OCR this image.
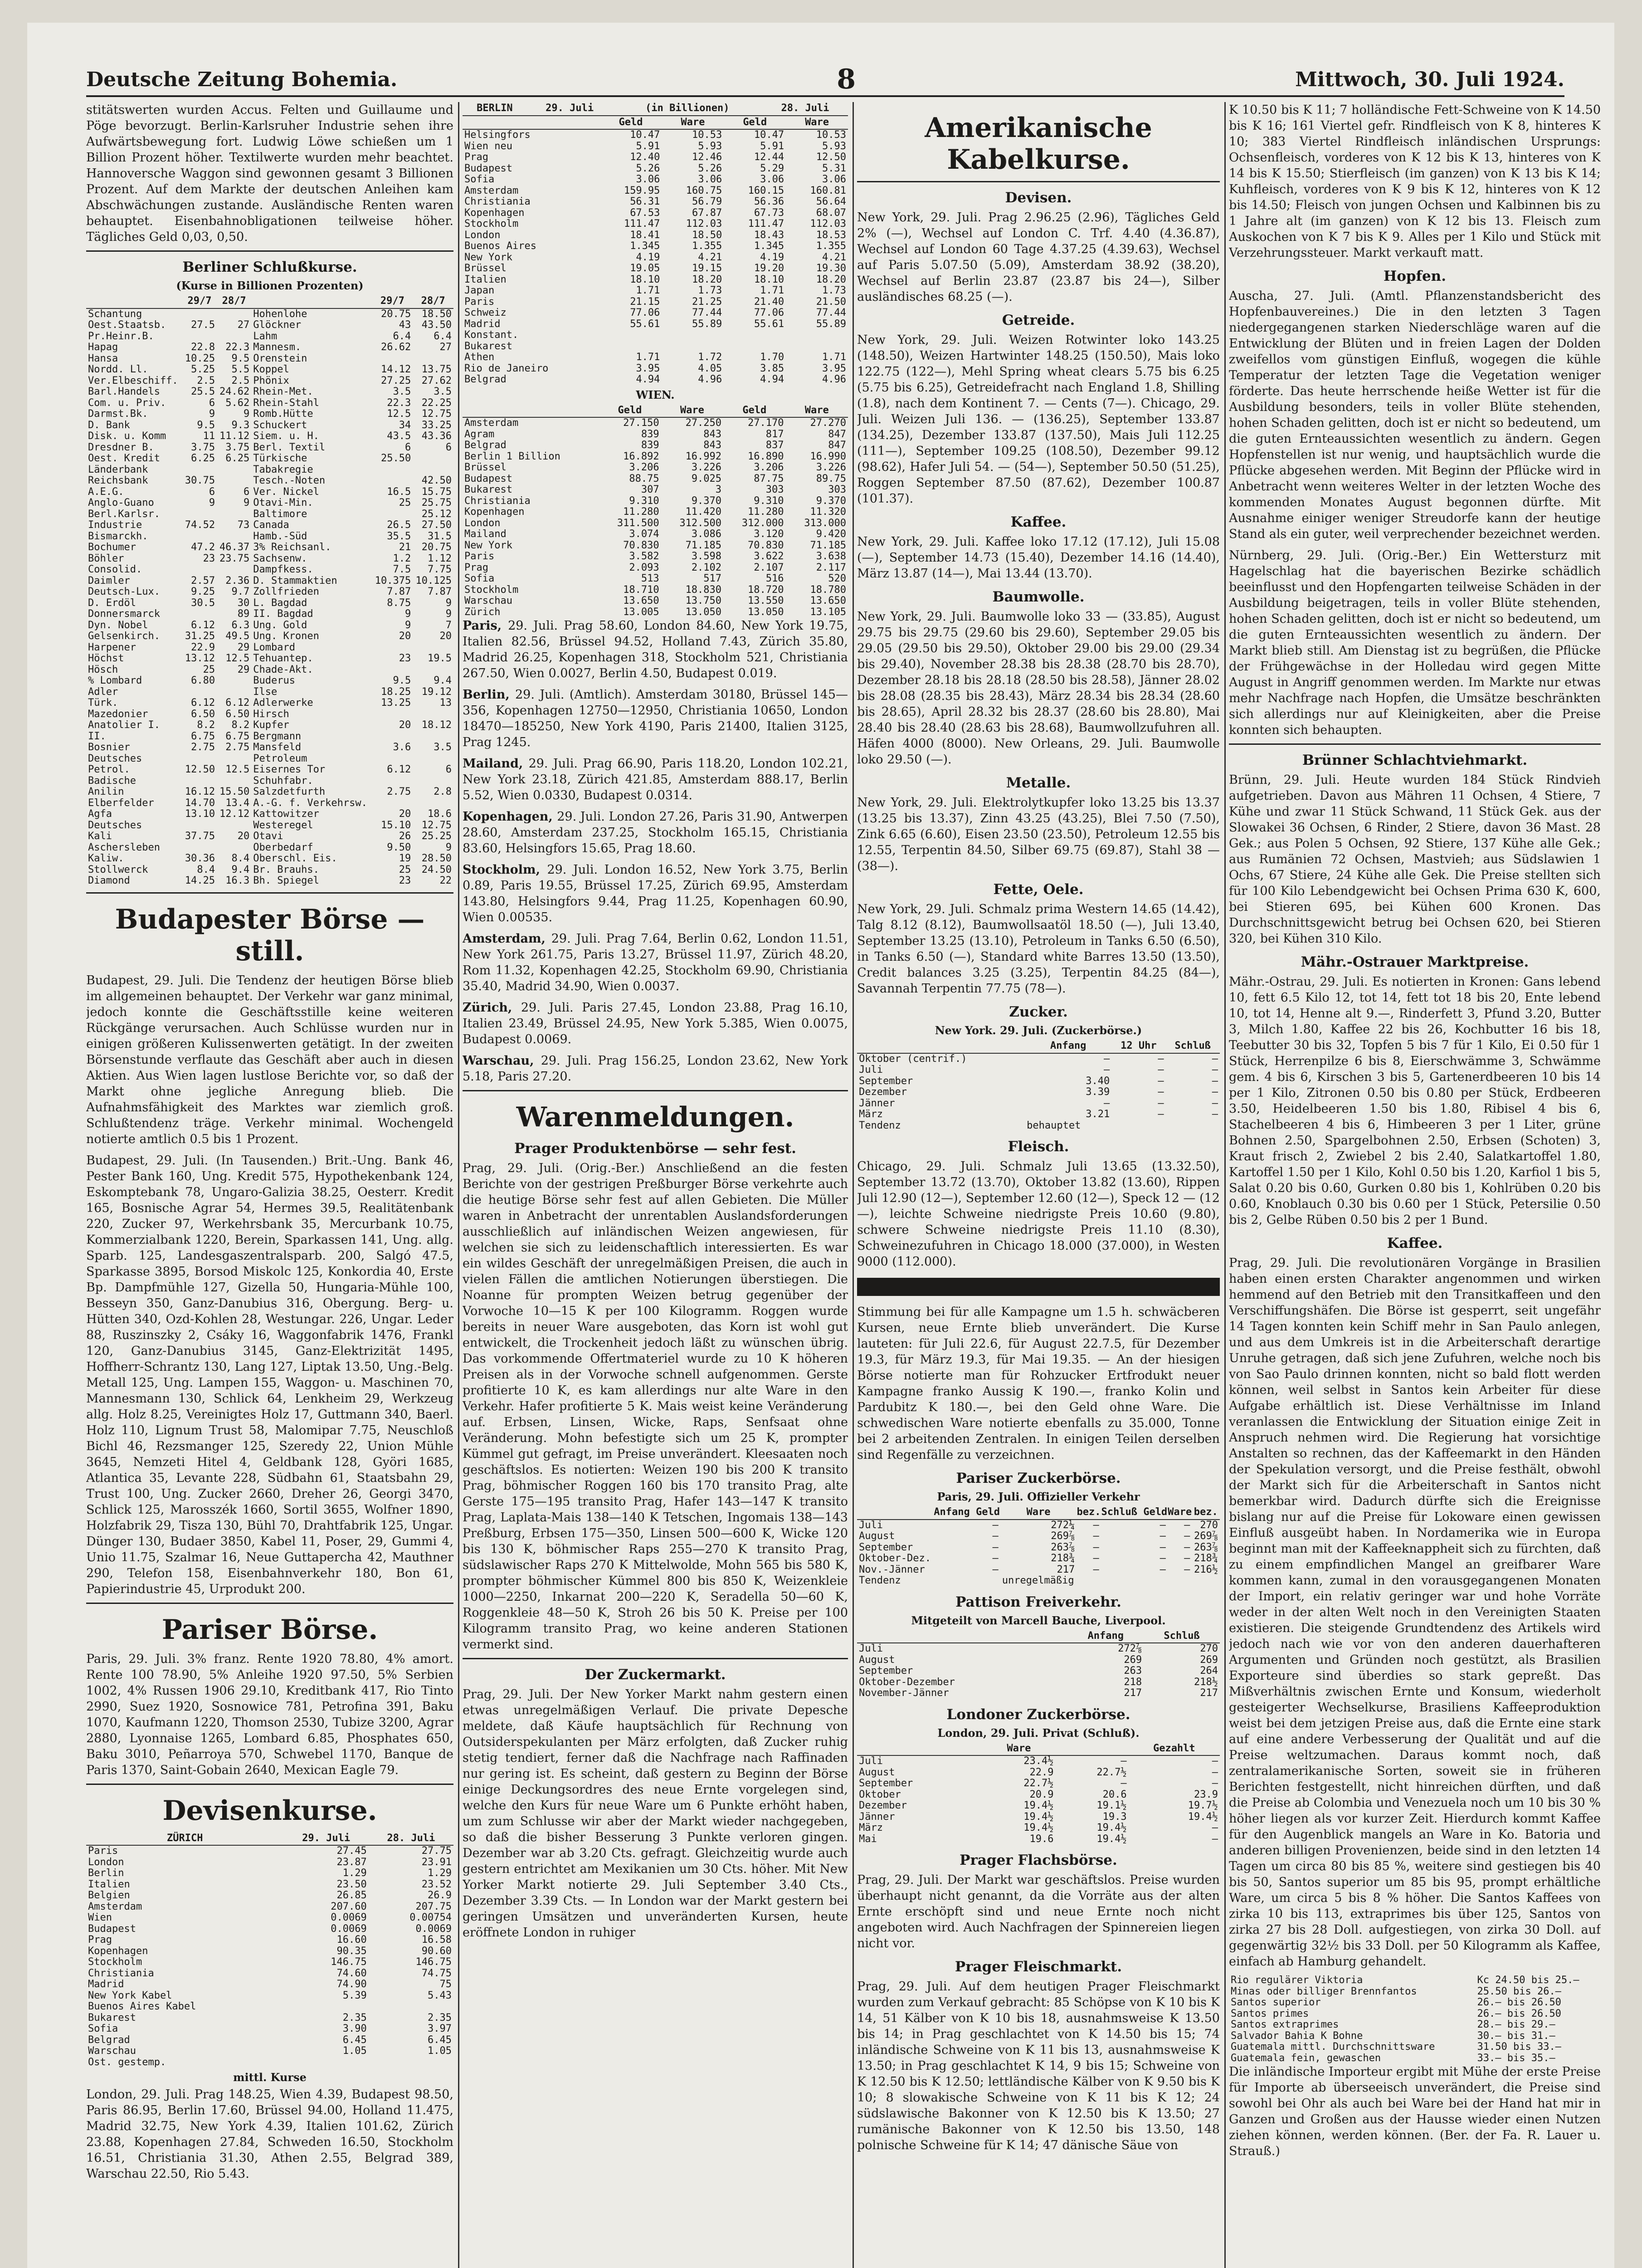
Deutsche Zeitung Bohemia.	8	Mittwoch, 30. Juli 1924.

stitätswerten wurden Accus. Felten und Guillaume und Pöge bevorzugt. Berlin-Karlsruher Industrie sehen ihre Aufwärtsbewegung fort. Ludwig Löwe schießen um 1 Billion Prozent höher. Textilwerte wurden mehr beachtet. Hannoversche Waggon sind gewonnen gesamt 3 Billionen Prozent. Auf dem Markte der deutschen Anleihen kam Abschwächungen zustande. Ausländische Renten waren behauptet. Eisenbahnobligationen teilweise höher. Tägliches Geld 0,03, 0,50.

Berliner Schlußkurse.
(Kurse in Billionen Prozenten)
	29/7	28/7		29/7	28/7
Schantung			Hohenlohe	20.75	18.50
Oest.Staatsb.	27.5	27	Glöckner	43	43.50
Pr.Heinr.B.			Lahm	6.4	6.4
Hapag	22.8	22.3	Mannesm.	26.62	27
Hansa	10.25	9.5	Orenstein		
Nordd. Ll.	5.25	5.5	Koppel	14.12	13.75
Ver.Elbeschiff.	2.5	2.5	Phönix	27.25	27.62
Barl.Handels	25.5	24.62	Rhein-Met.	3.5	3.5
Com. u. Priv.	6	5.62	Rhein-Stahl	22.3	22.25
Darmst.Bk.	9	9	Romb.Hütte	12.5	12.75
D. Bank	9.5	9.3	Schuckert	34	33.25
Disk. u. Komm	11	11.12	Siem. u. H.	43.5	43.36
Dresdner B.	3.75	3.75	Berl. Textil	6	6
Oest. Kredit	6.25	6.25	Türkische	25.50	
Länderbank			Tabakregie		
Reichsbank	30.75		Tesch.-Noten		42.50
A.E.G.	6	6	Ver. Nickel	16.5	15.75
Anglo-Guano	9	9	Otavi-Min.	25	25.75
Berl.Karlsr.			Baltimore		25.12
Industrie	74.52	73	Canada	26.5	27.50
Bismarckh.			Hamb.-Süd	35.5	31.5
Bochumer	47.2	46.37	3% Reichsanl.	21	20.75
Böhler	23	23.75	Sachsenw.	1.2	1.12
Consolid.			Dampfkess.	7.5	7.75
Daimler	2.57	2.36	D. Stammaktien	10.375	10.125
Deutsch-Lux.	9.25	9.7	Zollfrieden	7.87	7.87
D. Erdöl	30.5	30	L. Bagdad	8.75	9
Donnersmarck		89	II. Bagdad	9	9
Dyn. Nobel	6.12	6.3	Ung. Gold	9	7
Gelsenkirch.	31.25	49.5	Ung. Kronen	20	20
Harpener	22.9	29	Lombard		
Höchst	13.12	12.5	Tehuantep.	23	19.5
Hösch	25	29	Chade-Akt.		
% Lombard	6.80		Buderus	9.5	9.4
Adler			Ilse	18.25	19.12
Türk.	6.12	6.12	Adlerwerke	13.25	13
Mazedonier	6.50	6.50	Hirsch		
Anatolier I.	8.2	8.2	Kupfer	20	18.12
II.	6.75	6.75	Bergmann		
Bosnier	2.75	2.75	Mansfeld	3.6	3.5
Deutsches			Petroleum		
Petrol.	12.50	12.5	Eisernes Tor	6.12	6
Badische			Schuhfabr.		
Anilin	16.12	15.50	Salzdetfurth	2.75	2.8
Elberfelder	14.70	13.4	A.-G. f. Verkehrsw.		
Agfa	13.10	12.12	Kattowitzer	20	18.6
Deutsches			Westeregel	15.10	12.75
Kali	37.75	20	Otavi	26	25.25
Aschersleben			Oberbedarf	9.50	9
Kaliw.	30.36	8.4	Oberschl. Eis.	19	28.50
Stollwerck	8.4	9.4	Br. Brauhs.	25	24.50
Diamond	14.25	16.3	Bh. Spiegel	23	22
Budapester Börse — still.

Budapest, 29. Juli. Die Tendenz der heutigen Börse blieb im allgemeinen behauptet. Der Verkehr war ganz minimal, jedoch konnte die Geschäftsstille keine weiteren Rückgänge verursachen. Auch Schlüsse wurden nur in einigen größeren Kulissenwerten getätigt. In der zweiten Börsenstunde verflaute das Geschäft aber auch in diesen Aktien. Aus Wien lagen lustlose Berichte vor, so daß der Markt ohne jegliche Anregung blieb. Die Aufnahmsfähigkeit des Marktes war ziemlich groß. Schlußtendenz träge. Verkehr minimal. Wochengeld notierte amtlich 0.5 bis 1 Prozent.

Budapest, 29. Juli. (In Tausenden.) Brit.-Ung. Bank 46, Pester Bank 160, Ung. Kredit 575, Hypothekenbank 124, Eskomptebank 78, Ungaro-Galizia 38.25, Oesterr. Kredit 165, Bosnische Agrar 54, Hermes 39.5, Realitätenbank 220, Zucker 97, Werkehrsbank 35, Mercurbank 10.75, Kommerzialbank 1220, Berein, Sparkassen 141, Ung. allg. Sparb. 125, Landesgaszentralsparb. 200, Salgó 47.5, Sparkasse 3895, Borsod Miskolc 125, Konkordia 40, Erste Bp. Dampfmühle 127, Gizella 50, Hungaria-Mühle 100, Besseyn 350, Ganz-Danubius 316, Obergung. Berg- u. Hütten 340, Ozd-Kohlen 28, Westungar. 226, Ungar. Leder 88, Ruszinszky 2, Csáky 16, Waggonfabrik 1476, Frankl 120, Ganz-Danubius 3145, Ganz-Elektrizität 1495, Hoffherr-Schrantz 130, Lang 127, Liptak 13.50, Ung.-Belg. Metall 125, Ung. Lampen 155, Waggon- u. Maschinen 70, Mannesmann 130, Schlick 64, Lenkheim 29, Werkzeug allg. Holz 8.25, Vereinigtes Holz 17, Guttmann 340, Baerl. Holz 110, Lignum Trust 58, Malomipar 7.75, Neuschloß Bichl 46, Rezsmanger 125, Szeredy 22, Union Mühle 3645, Nemzeti Hitel 4, Geldbank 128, Györi 1685, Atlantica 35, Levante 228, Südbahn 61, Staatsbahn 29, Trust 100, Ung. Zucker 2660, Dreher 26, Georgi 3470, Schlick 125, Marosszék 1660, Sortil 3655, Wolfner 1890, Holzfabrik 29, Tisza 130, Bühl 70, Drahtfabrik 125, Ungar. Dünger 130, Budaer 3850, Kabel 11, Poser, 29, Gummi 4, Unio 11.75, Szalmar 16, Neue Guttapercha 42, Mauthner 290, Telefon 158, Eisenbahnverkehr 180, Bon 61, Papierindustrie 45, Urprodukt 200.

Pariser Börse.

Paris, 29. Juli. 3% franz. Rente 1920 78.80, 4% amort. Rente 100 78.90, 5% Anleihe 1920 97.50, 5% Serbien 1002, 4% Russen 1906 29.10, Kreditbank 417, Rio Tinto 2990, Suez 1920, Sosnowice 781, Petrofina 391, Baku 1070, Kaufmann 1220, Thomson 2530, Tubize 3200, Agrar 2880, Lyonnaise 1265, Lombard 6.85, Phosphates 650, Baku 3010, Peñarroya 570, Schwebel 1170, Banque de Paris 1370, Saint-Gobain 2640, Mexican Eagle 79.

Devisenkurse.
ZÜRICH	29. Juli	28. Juli
Paris	27.45	27.75
London	23.87	23.91
Berlin	1.29	1.29
Italien	23.50	23.52
Belgien	26.85	26.9
Amsterdam	207.60	207.75
Wien	0.0069	0.00754
Budapest	0.0069	0.0069
Prag	16.60	16.58
Kopenhagen	90.35	90.60
Stockholm	146.75	146.75
Christiania	74.60	74.75
Madrid	74.90	75
New York Kabel	5.39	5.43
Buenos Aires Kabel		
Bukarest	2.35	2.35
Sofia	3.90	3.97
Belgrad	6.45	6.45
Warschau	1.05	1.05
Ost. gestemp.		
mittl. Kurse

London, 29. Juli. Prag 148.25, Wien 4.39, Budapest 98.50, Paris 86.95, Berlin 17.60, Brüssel 94.00, Holland 11.475, Madrid 32.75, New York 4.39, Italien 101.62, Zürich 23.88, Kopenhagen 27.84, Schweden 16.50, Stockholm 16.51, Christiania 31.30, Athen 2.55, Belgrad 389, Warschau 22.50, Rio 5.43.

BERLIN	29. Juli	(in Billionen)	28. Juli
	Geld	Ware	Geld	Ware
Helsingfors	10.47	10.53	10.47	10.53
Wien neu	5.91	5.93	5.91	5.93
Prag	12.40	12.46	12.44	12.50
Budapest	5.26	5.26	5.29	5.31
Sofia	3.06	3.06	3.06	3.06
Amsterdam	159.95	160.75	160.15	160.81
Christiania	56.31	56.79	56.36	56.64
Kopenhagen	67.53	67.87	67.73	68.07
Stockholm	111.47	112.03	111.47	112.03
London	18.41	18.50	18.43	18.53
Buenos Aires	1.345	1.355	1.345	1.355
New York	4.19	4.21	4.19	4.21
Brüssel	19.05	19.15	19.20	19.30
Italien	18.10	18.20	18.10	18.20
Japan	1.71	1.73	1.71	1.73
Paris	21.15	21.25	21.40	21.50
Schweiz	77.06	77.44	77.06	77.44
Madrid	55.61	55.89	55.61	55.89
Konstant.				
Bukarest				
Athen	1.71	1.72	1.70	1.71
Rio de Janeiro	3.95	4.05	3.85	3.95
Belgrad	4.94	4.96	4.94	4.96
WIEN.
	Geld	Ware	Geld	Ware
Amsterdam	27.150	27.250	27.170	27.270
Agram	839	843	817	847
Belgrad	839	843	837	847
Berlin 1 Billion	16.892	16.992	16.890	16.990
Brüssel	3.206	3.226	3.206	3.226
Budapest	88.75	9.025	87.75	89.75
Bukarest	307	3	303	303
Christiania	9.310	9.370	9.310	9.370
Kopenhagen	11.280	11.420	11.280	11.320
London	311.500	312.500	312.000	313.000
Mailand	3.074	3.086	3.120	9.420
New York	70.830	71.185	70.830	71.185
Paris	3.582	3.598	3.622	3.638
Prag	2.093	2.102	2.107	2.117
Sofia	513	517	516	520
Stockholm	18.710	18.830	18.720	18.780
Warschau	13.650	13.750	13.550	13.650
Zürich	13.005	13.050	13.050	13.105

Paris, 29. Juli. Prag 58.60, London 84.60, New York 19.75, Italien 82.56, Brüssel 94.52, Holland 7.43, Zürich 35.80, Madrid 26.25, Kopenhagen 318, Stockholm 521, Christiania 267.50, Wien 0.0027, Berlin 4.50, Budapest 0.019.

Berlin, 29. Juli. (Amtlich). Amsterdam 30180, Brüssel 145—356, Kopenhagen 12750—12950, Christiania 10650, London 18470—185250, New York 4190, Paris 21400, Italien 3125, Prag 1245.

Mailand, 29. Juli. Prag 66.90, Paris 118.20, London 102.21, New York 23.18, Zürich 421.85, Amsterdam 888.17, Berlin 5.52, Wien 0.0330, Budapest 0.0314.

Kopenhagen, 29. Juli. London 27.26, Paris 31.90, Antwerpen 28.60, Amsterdam 237.25, Stockholm 165.15, Christiania 83.60, Helsingfors 15.65, Prag 18.60.

Stockholm, 29. Juli. London 16.52, New York 3.75, Berlin 0.89, Paris 19.55, Brüssel 17.25, Zürich 69.95, Amsterdam 143.80, Helsingfors 9.44, Prag 11.25, Kopenhagen 60.90, Wien 0.00535.

Amsterdam, 29. Juli. Prag 7.64, Berlin 0.62, London 11.51, New York 261.75, Paris 13.27, Brüssel 11.97, Zürich 48.20, Rom 11.32, Kopenhagen 42.25, Stockholm 69.90, Christiania 35.40, Madrid 34.90, Wien 0.0037.

Zürich, 29. Juli. Paris 27.45, London 23.88, Prag 16.10, Italien 23.49, Brüssel 24.95, New York 5.385, Wien 0.0075, Budapest 0.0069.

Warschau, 29. Juli. Prag 156.25, London 23.62, New York 5.18, Paris 27.20.

Warenmeldungen.
Prager Produktenbörse — sehr fest.

Prag, 29. Juli. (Orig.-Ber.) Anschließend an die festen Berichte von der gestrigen Preßburger Börse verkehrte auch die heutige Börse sehr fest auf allen Gebieten. Die Müller waren in Anbetracht der unrentablen Auslandsforderungen ausschließlich auf inländischen Weizen angewiesen, für welchen sie sich zu leidenschaftlich interessierten. Es war ein wildes Geschäft der unregelmäßigen Preisen, die auch in vielen Fällen die amtlichen Notierungen überstiegen. Die Noanne für prompten Weizen betrug gegenüber der Vorwoche 10—15 K per 100 Kilogramm. Roggen wurde bereits in neuer Ware ausgeboten, das Korn ist wohl gut entwickelt, die Trockenheit jedoch läßt zu wünschen übrig. Das vorkommende Offertmateriel wurde zu 10 K höheren Preisen als in der Vorwoche schnell aufgenommen. Gerste profitierte 10 K, es kam allerdings nur alte Ware in den Verkehr. Hafer profitierte 5 K. Mais weist keine Veränderung auf. Erbsen, Linsen, Wicke, Raps, Senfsaat ohne Veränderung. Mohn befestigte sich um 25 K, prompter Kümmel gut gefragt, im Preise unverändert. Kleesaaten noch geschäftslos. Es notierten: Weizen 190 bis 200 K transito Prag, böhmischer Roggen 160 bis 170 transito Prag, alte Gerste 175—195 transito Prag, Hafer 143—147 K transito Prag, Laplata-Mais 138—140 K Tetschen, Ingomais 138—143 Preßburg, Erbsen 175—350, Linsen 500—600 K, Wicke 120 bis 130 K, böhmischer Raps 255—270 K transito Prag, südslawischer Raps 270 K Mittelwolde, Mohn 565 bis 580 K, prompter böhmischer Kümmel 800 bis 850 K, Weizenkleie 1000—2250, Inkarnat 200—220 K, Seradella 50—60 K, Roggenkleie 48—50 K, Stroh 26 bis 50 K. Preise per 100 Kilogramm transito Prag, wo keine anderen Stationen vermerkt sind.

Der Zuckermarkt.

Prag, 29. Juli. Der New Yorker Markt nahm gestern einen etwas unregelmäßigen Verlauf. Die private Depesche meldete, daß Käufe hauptsächlich für Rechnung von Outsiderspekulanten per März erfolgten, daß Zucker ruhig stetig tendiert, ferner daß die Nachfrage nach Raffinaden nur gering ist. Es scheint, daß gestern zu Beginn der Börse einige Deckungsordres des neue Ernte vorgelegen sind, welche den Kurs für neue Ware um 6 Punkte erhöht haben, um zum Schlusse wir aber der Markt wieder nachgegeben, so daß die bisher Besserung 3 Punkte verloren gingen. Dezember war ab 3.20 Cts. gefragt. Gleichzeitig wurde auch gestern entrichtet am Mexikanien um 30 Cts. höher. Mit New Yorker Markt notierte 29. Juli September 3.40 Cts., Dezember 3.39 Cts. — In London war der Markt gestern bei geringen Umsätzen und unveränderten Kursen, heute eröffnete London in ruhiger

Amerikanische Kabelkurse.
Devisen.

New York, 29. Juli. Prag 2.96.25 (2.96), Tägliches Geld 2% (—), Wechsel auf London C. Trf. 4.40 (4.36.87), Wechsel auf London 60 Tage 4.37.25 (4.39.63), Wechsel auf Paris 5.07.50 (5.09), Amsterdam 38.92 (38.20), Wechsel auf Berlin 23.87 (23.87 bis 24—), Silber ausländisches 68.25 (—).

Getreide.

New York, 29. Juli. Weizen Rotwinter loko 143.25 (148.50), Weizen Hartwinter 148.25 (150.50), Mais loko 122.75 (122—), Mehl Spring wheat clears 5.75 bis 6.25 (5.75 bis 6.25), Getreidefracht nach England 1.8, Shilling (1.8), nach dem Kontinent 7. — Cents (7—). Chicago, 29. Juli. Weizen Juli 136. — (136.25), September 133.87 (134.25), Dezember 133.87 (137.50), Mais Juli 112.25 (111—), September 109.25 (108.50), Dezember 99.12 (98.62), Hafer Juli 54. — (54—), September 50.50 (51.25), Roggen September 87.50 (87.62), Dezember 100.87 (101.37).

Kaffee.

New York, 29. Juli. Kaffee loko 17.12 (17.12), Juli 15.08 (—), September 14.73 (15.40), Dezember 14.16 (14.40), März 13.87 (14—), Mai 13.44 (13.70).

Baumwolle.

New York, 29. Juli. Baumwolle loko 33 — (33.85), August 29.75 bis 29.75 (29.60 bis 29.60), September 29.05 bis 29.05 (29.50 bis 29.50), Oktober 29.00 bis 29.00 (29.34 bis 29.40), November 28.38 bis 28.38 (28.70 bis 28.70), Dezember 28.18 bis 28.18 (28.50 bis 28.58), Jänner 28.02 bis 28.08 (28.35 bis 28.43), März 28.34 bis 28.34 (28.60 bis 28.65), April 28.32 bis 28.37 (28.60 bis 28.80), Mai 28.40 bis 28.40 (28.63 bis 28.68), Baumwollzufuhren all. Häfen 4000 (8000). New Orleans, 29. Juli. Baumwolle loko 29.50 (—).

Metalle.

New York, 29. Juli. Elektrolytkupfer loko 13.25 bis 13.37 (13.25 bis 13.37), Zinn 43.25 (43.25), Blei 7.50 (7.50), Zink 6.65 (6.60), Eisen 23.50 (23.50), Petroleum 12.55 bis 12.55, Terpentin 84.50, Silber 69.75 (69.87), Stahl 38 — (38—).

Fette, Oele.

New York, 29. Juli. Schmalz prima Western 14.65 (14.42), Talg 8.12 (8.12), Baumwollsaatöl 18.50 (—), Juli 13.40, September 13.25 (13.10), Petroleum in Tanks 6.50 (6.50), in Tanks 6.50 (—), Standard white Barres 13.50 (13.50), Credit balances 3.25 (3.25), Terpentin 84.25 (84—), Savannah Terpentin 77.75 (78—).

Zucker.
New York. 29. Juli. (Zuckerbörse.)
	Anfang	12 Uhr	Schluß
Oktober (centrif.)	—	—	—
Juli	—	—	—
September	3.40	—	—
Dezember	3.39	—	—
Jänner	—	—	—
März	3.21	—	—
Tendenz	behauptet		
Fleisch.

Chicago, 29. Juli. Schmalz Juli 13.65 (13.32.50), September 13.72 (13.70), Oktober 13.82 (13.60), Rippen Juli 12.90 (12—), September 12.60 (12—), Speck 12 — (12—), leichte Schweine niedrigste Preis 10.60 (9.80), schwere Schweine niedrigste Preis 11.10 (8.30), Schweinezufuhren in Chicago 18.000 (37.000), in Westen 9000 (112.000).

Stimmung bei für alle Kampagne um 1.5 h. schwäcberen Kursen, neue Ernte blieb unverändert. Die Kurse lauteten: für Juli 22.6, für August 22.7.5, für Dezember 19.3, für März 19.3, für Mai 19.35. — An der hiesigen Börse notierte man für Rohzucker Ertfrodukt neuer Kampagne franko Aussig K 190.—, franko Kolin und Pardubitz K 180.—, bei den Geld ohne Ware. Die schwedischen Ware notierte ebenfalls zu 35.000, Tonne bei 2 arbeitenden Zentralen. In einigen Teilen derselben sind Regenfälle zu verzeichnen.

Pariser Zuckerbörse.
Paris, 29. Juli. Offizieller Verkehr
	Anfang Geld	Ware	bez.	Schluß Geld	Ware	bez.
Juli	—	272¼	—	—	—	270
August	—	269⅞	—	—	—	269⅞
September	—	263⅞	—	—	—	263⅞
Oktober-Dez.	—	218¾	—	—	—	218¾
Nov.-Jänner	—	217	—	—	—	216½
Tendenz		unregelmäßig				
Pattison Freiverkehr.
Mitgeteilt von Marcell Bauche, Liverpool.
	Anfang	Schluß
Juli	272⅞	270
August	269	269
September	263	264
Oktober-Dezember	218	218½
November-Jänner	217	217
Londoner Zuckerbörse.
London, 29. Juli. Privat (Schluß).
	Ware		Gezahlt
Juli	23.4½	—	—
August	22.9	22.7½	—
September	22.7½	—	—
Oktober	20.9	20.6	23.9
Dezember	19.4½	19.1½	19.7½
Jänner	19.4½	19.3	19.4½
März	19.4½	19.4½	—
Mai	19.6	19.4½	—
Prager Flachsbörse.

Prag, 29. Juli. Der Markt war geschäftslos. Preise wurden überhaupt nicht genannt, da die Vorräte aus der alten Ernte erschöpft sind und neue Ernte noch nicht angeboten wird. Auch Nachfragen der Spinnereien liegen nicht vor.

Prager Fleischmarkt.

Prag, 29. Juli. Auf dem heutigen Prager Fleischmarkt wurden zum Verkauf gebracht: 85 Schöpse von K 10 bis K 14, 51 Kälber von K 10 bis 18, ausnahmsweise K 13.50 bis 14; in Prag geschlachtet von K 14.50 bis 15; 74 inländische Schweine von K 11 bis 13, ausnahmsweise K 13.50; in Prag geschlachtet K 14, 9 bis 15; Schweine von K 12.50 bis K 12.50; lettländische Kälber von K 9.50 bis K 10; 8 slowakische Schweine von K 11 bis K 12; 24 südslawische Bakonner von K 12.50 bis K 13.50; 27 rumänische Bakonner von K 12.50 bis 13.50, 148 polnische Schweine für K 14; 47 dänische Säue von

K 10.50 bis K 11; 7 holländische Fett-Schweine von K 14.50 bis K 16; 161 Viertel gefr. Rindfleisch von K 8, hinteres K 10; 383 Viertel Rindfleisch inländischen Ursprungs: Ochsenfleisch, vorderes von K 12 bis K 13, hinteres von K 14 bis K 15.50; Stierfleisch (im ganzen) von K 13 bis K 14; Kuhfleisch, vorderes von K 9 bis K 12, hinteres von K 12 bis 14.50; Fleisch von jungen Ochsen und Kalbinnen bis zu 1 Jahre alt (im ganzen) von K 12 bis 13. Fleisch zum Auskochen von K 7 bis K 9. Alles per 1 Kilo und Stück mit Verzehrungssteuer. Markt verkauft matt.

Hopfen.

Auscha, 27. Juli. (Amtl. Pflanzenstandsbericht des Hopfenbauvereines.) Die in den letzten 3 Tagen niedergegangenen starken Niederschläge waren auf die Entwicklung der Blüten und in freien Lagen der Dolden zweifellos vom günstigen Einfluß, wogegen die kühle Temperatur der letzten Tage die Vegetation weniger förderte. Das heute herrschende heiße Wetter ist für die Ausbildung besonders, teils in voller Blüte stehenden, hohen Schaden gelitten, doch ist er nicht so bedeutend, um die guten Ernteaussichten wesentlich zu ändern. Gegen Hopfenstellen ist nur wenig, und hauptsächlich wurde die Pflücke abgesehen werden. Mit Beginn der Pflücke wird in Anbetracht wenn weiteres Welter in der letzten Woche des kommenden Monates August begonnen dürfte. Mit Ausnahme einiger weniger Streudorfe kann der heutige Stand als ein guter, weil verprechender bezeichnet werden.

Nürnberg, 29. Juli. (Orig.-Ber.) Ein Wettersturz mit Hagelschlag hat die bayerischen Bezirke schädlich beeinflusst und den Hopfengarten teilweise Schäden in der Ausbildung beigetragen, teils in voller Blüte stehenden, hohen Schaden gelitten, doch ist er nicht so bedeutend, um die guten Ernteaussichten wesentlich zu ändern. Der Markt blieb still. Am Dienstag ist zu begrüßen, die Pflücke der Frühgewächse in der Holledau wird gegen Mitte August in Angriff genommen werden. Im Markte nur etwas mehr Nachfrage nach Hopfen, die Umsätze beschränkten sich allerdings nur auf Kleinigkeiten, aber die Preise konnten sich behaupten.

Brünner Schlachtviehmarkt.

Brünn, 29. Juli. Heute wurden 184 Stück Rindvieh aufgetrieben. Davon aus Mähren 11 Ochsen, 4 Stiere, 7 Kühe und zwar 11 Stück Schwand, 11 Stück Gek. aus der Slowakei 36 Ochsen, 6 Rinder, 2 Stiere, davon 36 Mast. 28 Gek.; aus Polen 5 Ochsen, 92 Stiere, 137 Kühe alle Gek.; aus Rumänien 72 Ochsen, Mastvieh; aus Südslawien 1 Ochs, 67 Stiere, 24 Kühe alle Gek. Die Preise stellten sich für 100 Kilo Lebendgewicht bei Ochsen Prima 630 K, 600, bei Stieren 695, bei Kühen 600 Kronen. Das Durchschnittsgewicht betrug bei Ochsen 620, bei Stieren 320, bei Kühen 310 Kilo.

Mähr.-Ostrauer Marktpreise.

Mähr.-Ostrau, 29. Juli. Es notierten in Kronen: Gans lebend 10, fett 6.5 Kilo 12, tot 14, fett tot 18 bis 20, Ente lebend 10, tot 14, Henne alt 9.—, Rinderfett 3, Pfund 3.20, Butter 3, Milch 1.80, Kaffee 22 bis 26, Kochbutter 16 bis 18, Teebutter 30 bis 32, Topfen 5 bis 7 für 1 Kilo, Ei 0.50 für 1 Stück, Herrenpilze 6 bis 8, Eierschwämme 3, Schwämme gem. 4 bis 6, Kirschen 3 bis 5, Gartenerdbeeren 10 bis 14 per 1 Kilo, Zitronen 0.50 bis 0.80 per Stück, Erdbeeren 3.50, Heidelbeeren 1.50 bis 1.80, Ribisel 4 bis 6, Stachelbeeren 4 bis 6, Himbeeren 3 per 1 Liter, grüne Bohnen 2.50, Spargelbohnen 2.50, Erbsen (Schoten) 3, Kraut frisch 2, Zwiebel 2 bis 2.40, Salatkartoffel 1.80, Kartoffel 1.50 per 1 Kilo, Kohl 0.50 bis 1.20, Karfiol 1 bis 5, Salat 0.20 bis 0.60, Gurken 0.80 bis 1, Kohlrüben 0.20 bis 0.60, Knoblauch 0.30 bis 0.60 per 1 Stück, Petersilie 0.50 bis 2, Gelbe Rüben 0.50 bis 2 per 1 Bund.

Kaffee.

Prag, 29. Juli. Die revolutionären Vorgänge in Brasilien haben einen ersten Charakter angenommen und wirken hemmend auf den Betrieb mit den Transitkaffeen und den Verschiffungshäfen. Die Börse ist gesperrt, seit ungefähr 14 Tagen konnten kein Schiff mehr in San Paulo anlegen, und aus dem Umkreis ist in die Arbeiterschaft derartige Unruhe getragen, daß sich jene Zufuhren, welche noch bis von Sao Paulo drinnen konnten, nicht so bald flott werden können, weil selbst in Santos kein Arbeiter für diese Aufgabe erhältlich ist. Diese Verhältnisse im Inland veranlassen die Entwicklung der Situation einige Zeit in Anspruch nehmen wird. Die Regierung hat vorsichtige Anstalten so rechnen, das der Kaffeemarkt in den Händen der Spekulation versorgt, und die Preise festhält, obwohl der Markt sich für die Arbeiterschaft in Santos nicht bemerkbar wird. Dadurch dürfte sich die Ereignisse bislang nur auf die Preise für Lokoware einen gewissen Einfluß ausgeübt haben. In Nordamerika wie in Europa beginnt man mit der Kaffeeknappheit sich zu fürchten, daß zu einem empfindlichen Mangel an greifbarer Ware kommen kann, zumal in den vorausgegangenen Monaten der Import, ein relativ geringer war und hohe Vorräte weder in der alten Welt noch in den Vereinigten Staaten existieren. Die steigende Grundtendenz des Artikels wird jedoch nach wie vor von den anderen dauerhafteren Argumenten und Gründen noch gestützt, als Brasilien Exporteure sind überdies so stark gepreßt. Das Mißverhältnis zwischen Ernte und Konsum, wiederholt gesteigerter Wechselkurse, Brasiliens Kaffeeproduktion weist bei dem jetzigen Preise aus, daß die Ernte eine stark auf eine andere Verbesserung der Qualität und auf die Preise weltzumachen. Daraus kommt noch, daß zentralamerikanische Sorten, soweit sie in früheren Berichten festgestellt, nicht hinreichen dürften, und daß die Preise ab Colombia und Venezuela noch um 10 bis 30 % höher liegen als vor kurzer Zeit. Hierdurch kommt Kaffee für den Augenblick mangels an Ware in Ko. Batoria und anderen billigen Provenienzen, beide sind in den letzten 14 Tagen um circa 80 bis 85 %, weitere sind gestiegen bis 40 bis 50, Santos superior um 85 bis 95, prompt erhältliche Ware, um circa 5 bis 8 % höher. Die Santos Kaffees von zirka 10 bis 113, extraprimes bis über 125, Santos von zirka 27 bis 28 Doll. aufgestiegen, von zirka 30 Doll. auf gegenwärtig 32½ bis 33 Doll. per 50 Kilogramm als Kaffee, einfach ab Hamburg gehandelt.

Rio regulärer Viktoria	Kc 24.50 bis 25.—
Minas oder billiger Brennfantos	25.50 bis 26.—
Santos superior	26.— bis 26.50
Santos primes	26.— bis 26.50
Santos extraprimes	28.— bis 29.—
Salvador Bahia K Bohne	30.— bis 31.—
Guatemala mittl. Durchschnittsware	31.50 bis 33.—
Guatemala fein, gewaschen	33.— bis 35.—

Die inländische Importeur ergibt mit Mühe der erste Preise für Importe ab überseeisch unverändert, die Preise sind sowohl bei Ohr als auch bei Ware bei der Hand hat mir in Ganzen und Großen aus der Hausse wieder einen Nutzen ziehen können, werden können. (Ber. der Fa. R. Lauer u. Strauß.)
